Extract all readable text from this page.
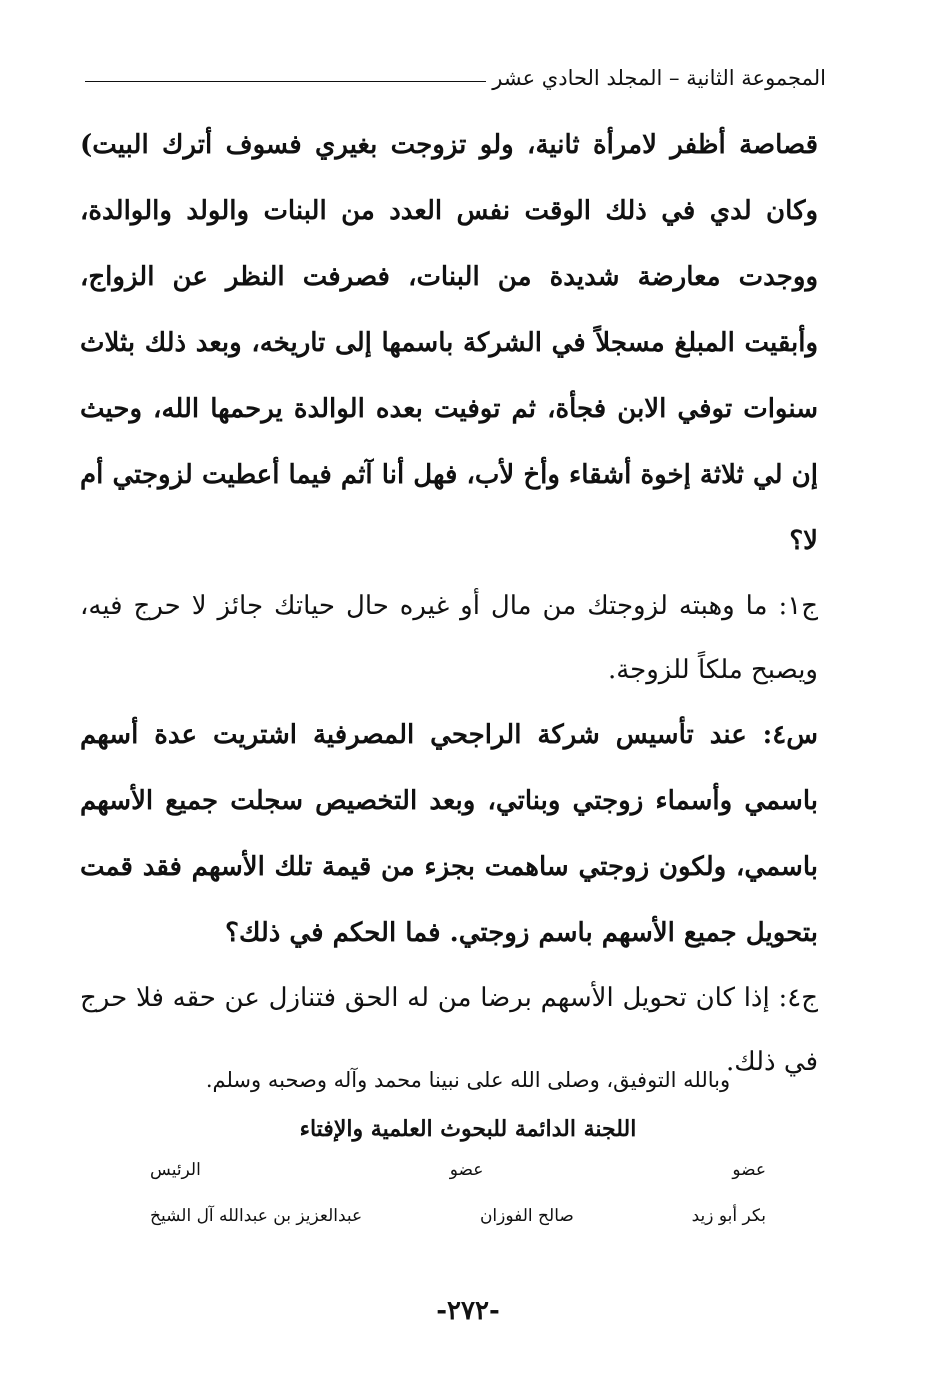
المجموعة الثانية – المجلد الحادي عشر

قصاصة أظفر لامرأة ثانية، ولو تزوجت بغيري فسوف أترك البيت) وكان لدي في ذلك الوقت نفس العدد من البنات والولد والوالدة، ووجدت معارضة شديدة من البنات، فصرفت النظر عن الزواج، وأبقيت المبلغ مسجلاً في الشركة باسمها إلى تاريخه، وبعد ذلك بثلاث سنوات توفي الابن فجأة، ثم توفيت بعده الوالدة يرحمها الله، وحيث إن لي ثلاثة إخوة أشقاء وأخ لأب، فهل أنا آثم فيما أعطيت لزوجتي أم لا؟

ج١: ما وهبته لزوجتك من مال أو غيره حال حياتك جائز لا حرج فيه، ويصبح ملكاً للزوجة.

س٤: عند تأسيس شركة الراجحي المصرفية اشتريت عدة أسهم باسمي وأسماء زوجتي وبناتي، وبعد التخصيص سجلت جميع الأسهم باسمي، ولكون زوجتي ساهمت بجزء من قيمة تلك الأسهم فقد قمت بتحويل جميع الأسهم باسم زوجتي. فما الحكم في ذلك؟

ج٤: إذا كان تحويل الأسهم برضا من له الحق فتنازل عن حقه فلا حرج في ذلك.

وبالله التوفيق، وصلى الله على نبينا محمد وآله وصحبه وسلم.
اللجنة الدائمة للبحوث العلمية والإفتاء
عضو
عضو
الرئيس
بكر أبو زيد
صالح الفوزان
عبدالعزيز بن عبدالله آل الشيخ
-٢٧٢-
